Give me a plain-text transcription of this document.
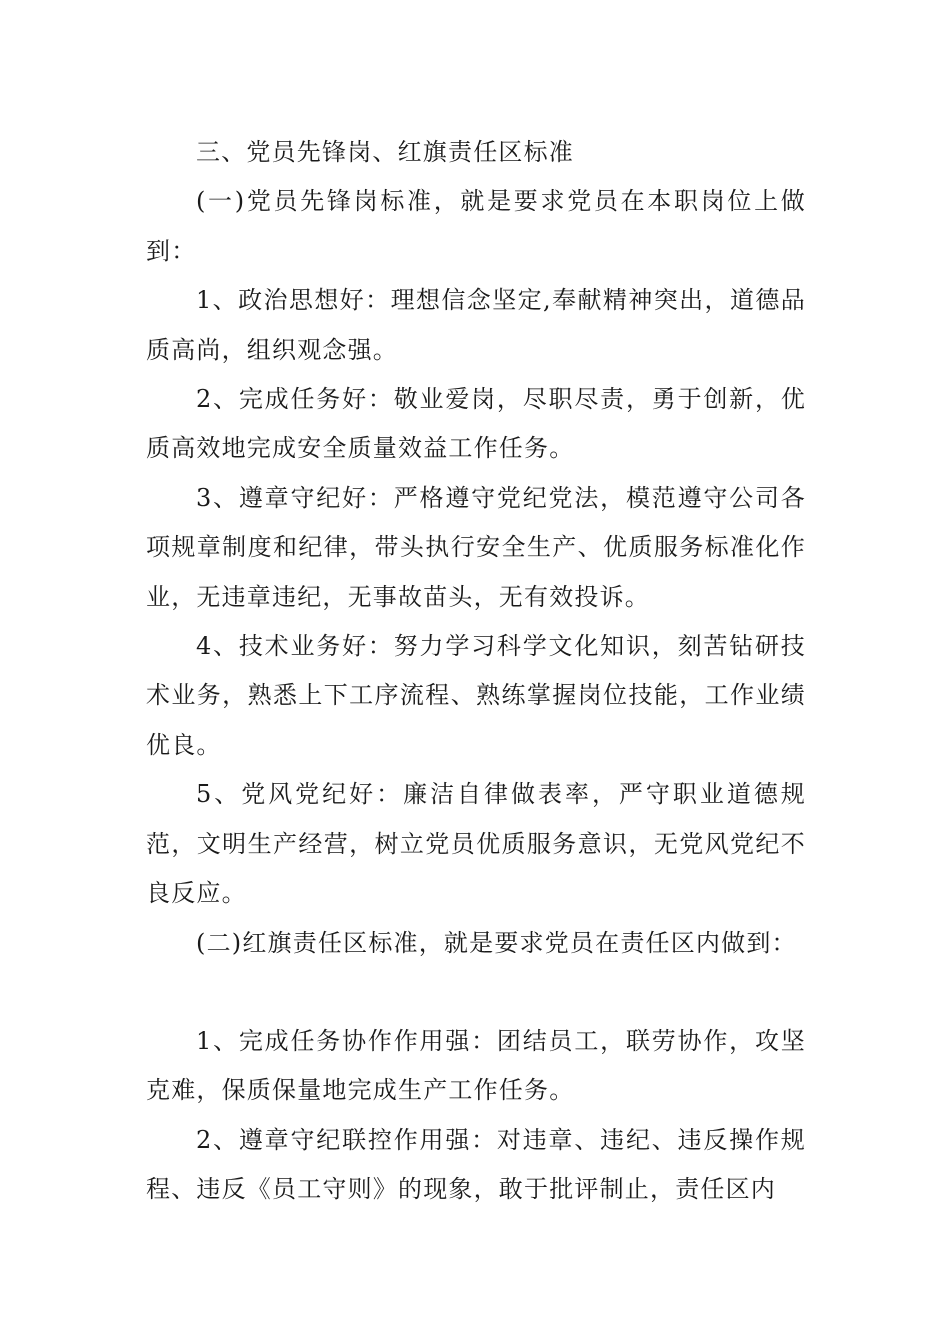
三、党员先锋岗、红旗责任区标准

(一)党员先锋岗标准，就是要求党员在本职岗位上做到：

1、政治思想好：理想信念坚定,奉献精神突出，道德品质高尚，组织观念强。

2、完成任务好：敬业爱岗，尽职尽责，勇于创新，优质高效地完成安全质量效益工作任务。

3、遵章守纪好：严格遵守党纪党法，模范遵守公司各项规章制度和纪律，带头执行安全生产、优质服务标准化作业，无违章违纪，无事故苗头，无有效投诉。

4、技术业务好：努力学习科学文化知识，刻苦钻研技术业务，熟悉上下工序流程、熟练掌握岗位技能，工作业绩优良。

5、党风党纪好：廉洁自律做表率，严守职业道德规范，文明生产经营，树立党员优质服务意识，无党风党纪不良反应。

(二)红旗责任区标准，就是要求党员在责任区内做到：

1、完成任务协作作用强：团结员工，联劳协作，攻坚克难，保质保量地完成生产工作任务。

2、遵章守纪联控作用强：对违章、违纪、违反操作规程、违反《员工守则》的现象，敢于批评制止，责任区内
